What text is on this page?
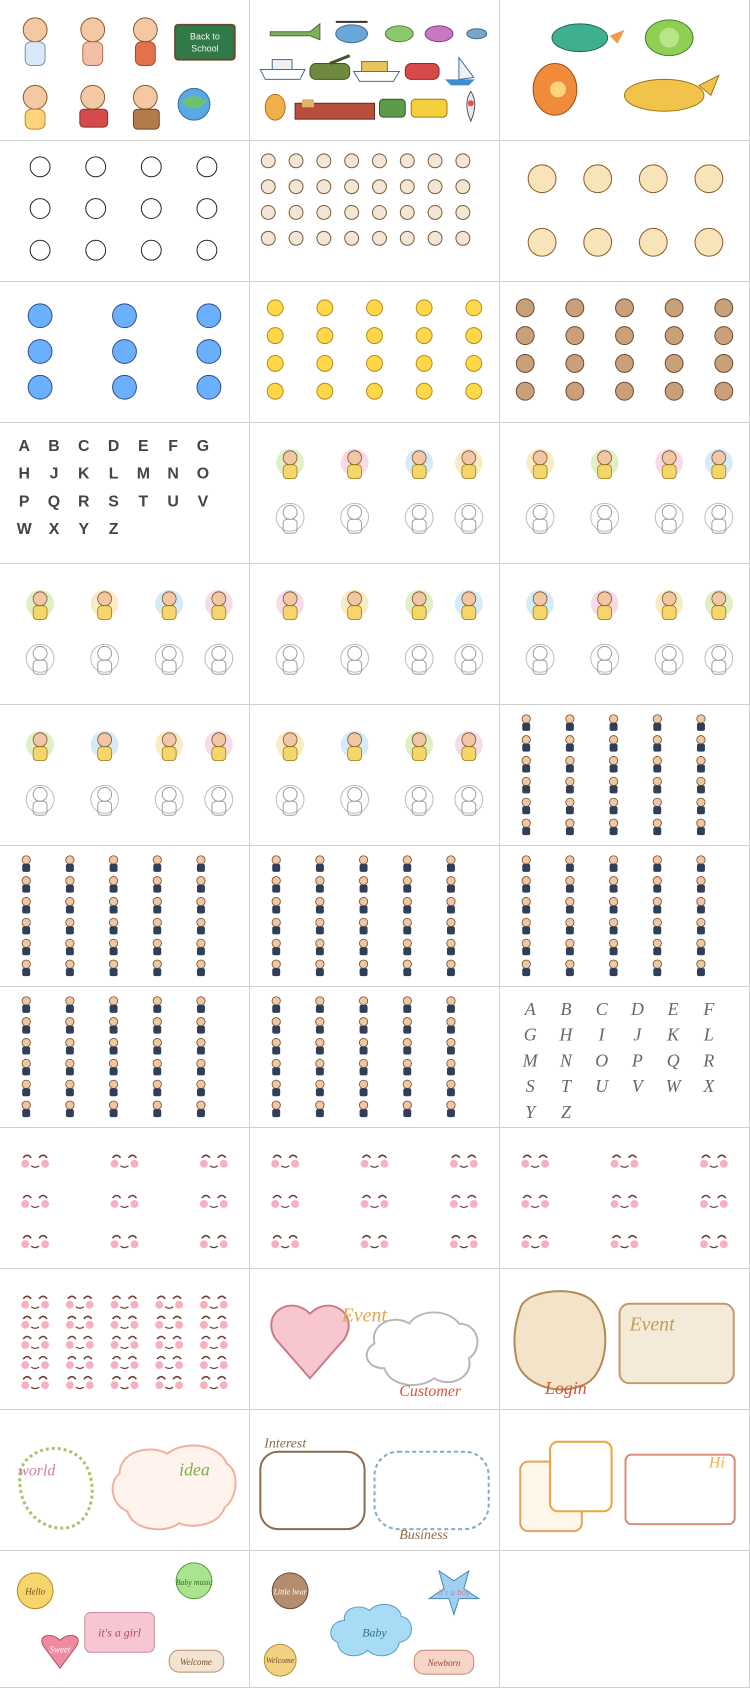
Back to
School
A B C D E F G
H J K L M N O
P Q R S T U V
W X Y Z
A B C D E F
G H I J K L
M N O P Q R
S T U V W X
Y Z
Event
Customer	Login
Event
world	idea
Interest
Business
Hi
Hello
Baby music
it's a girl
Sweet
Welcome
Little bear	it's a boy
Baby
Welcome	Newborn
